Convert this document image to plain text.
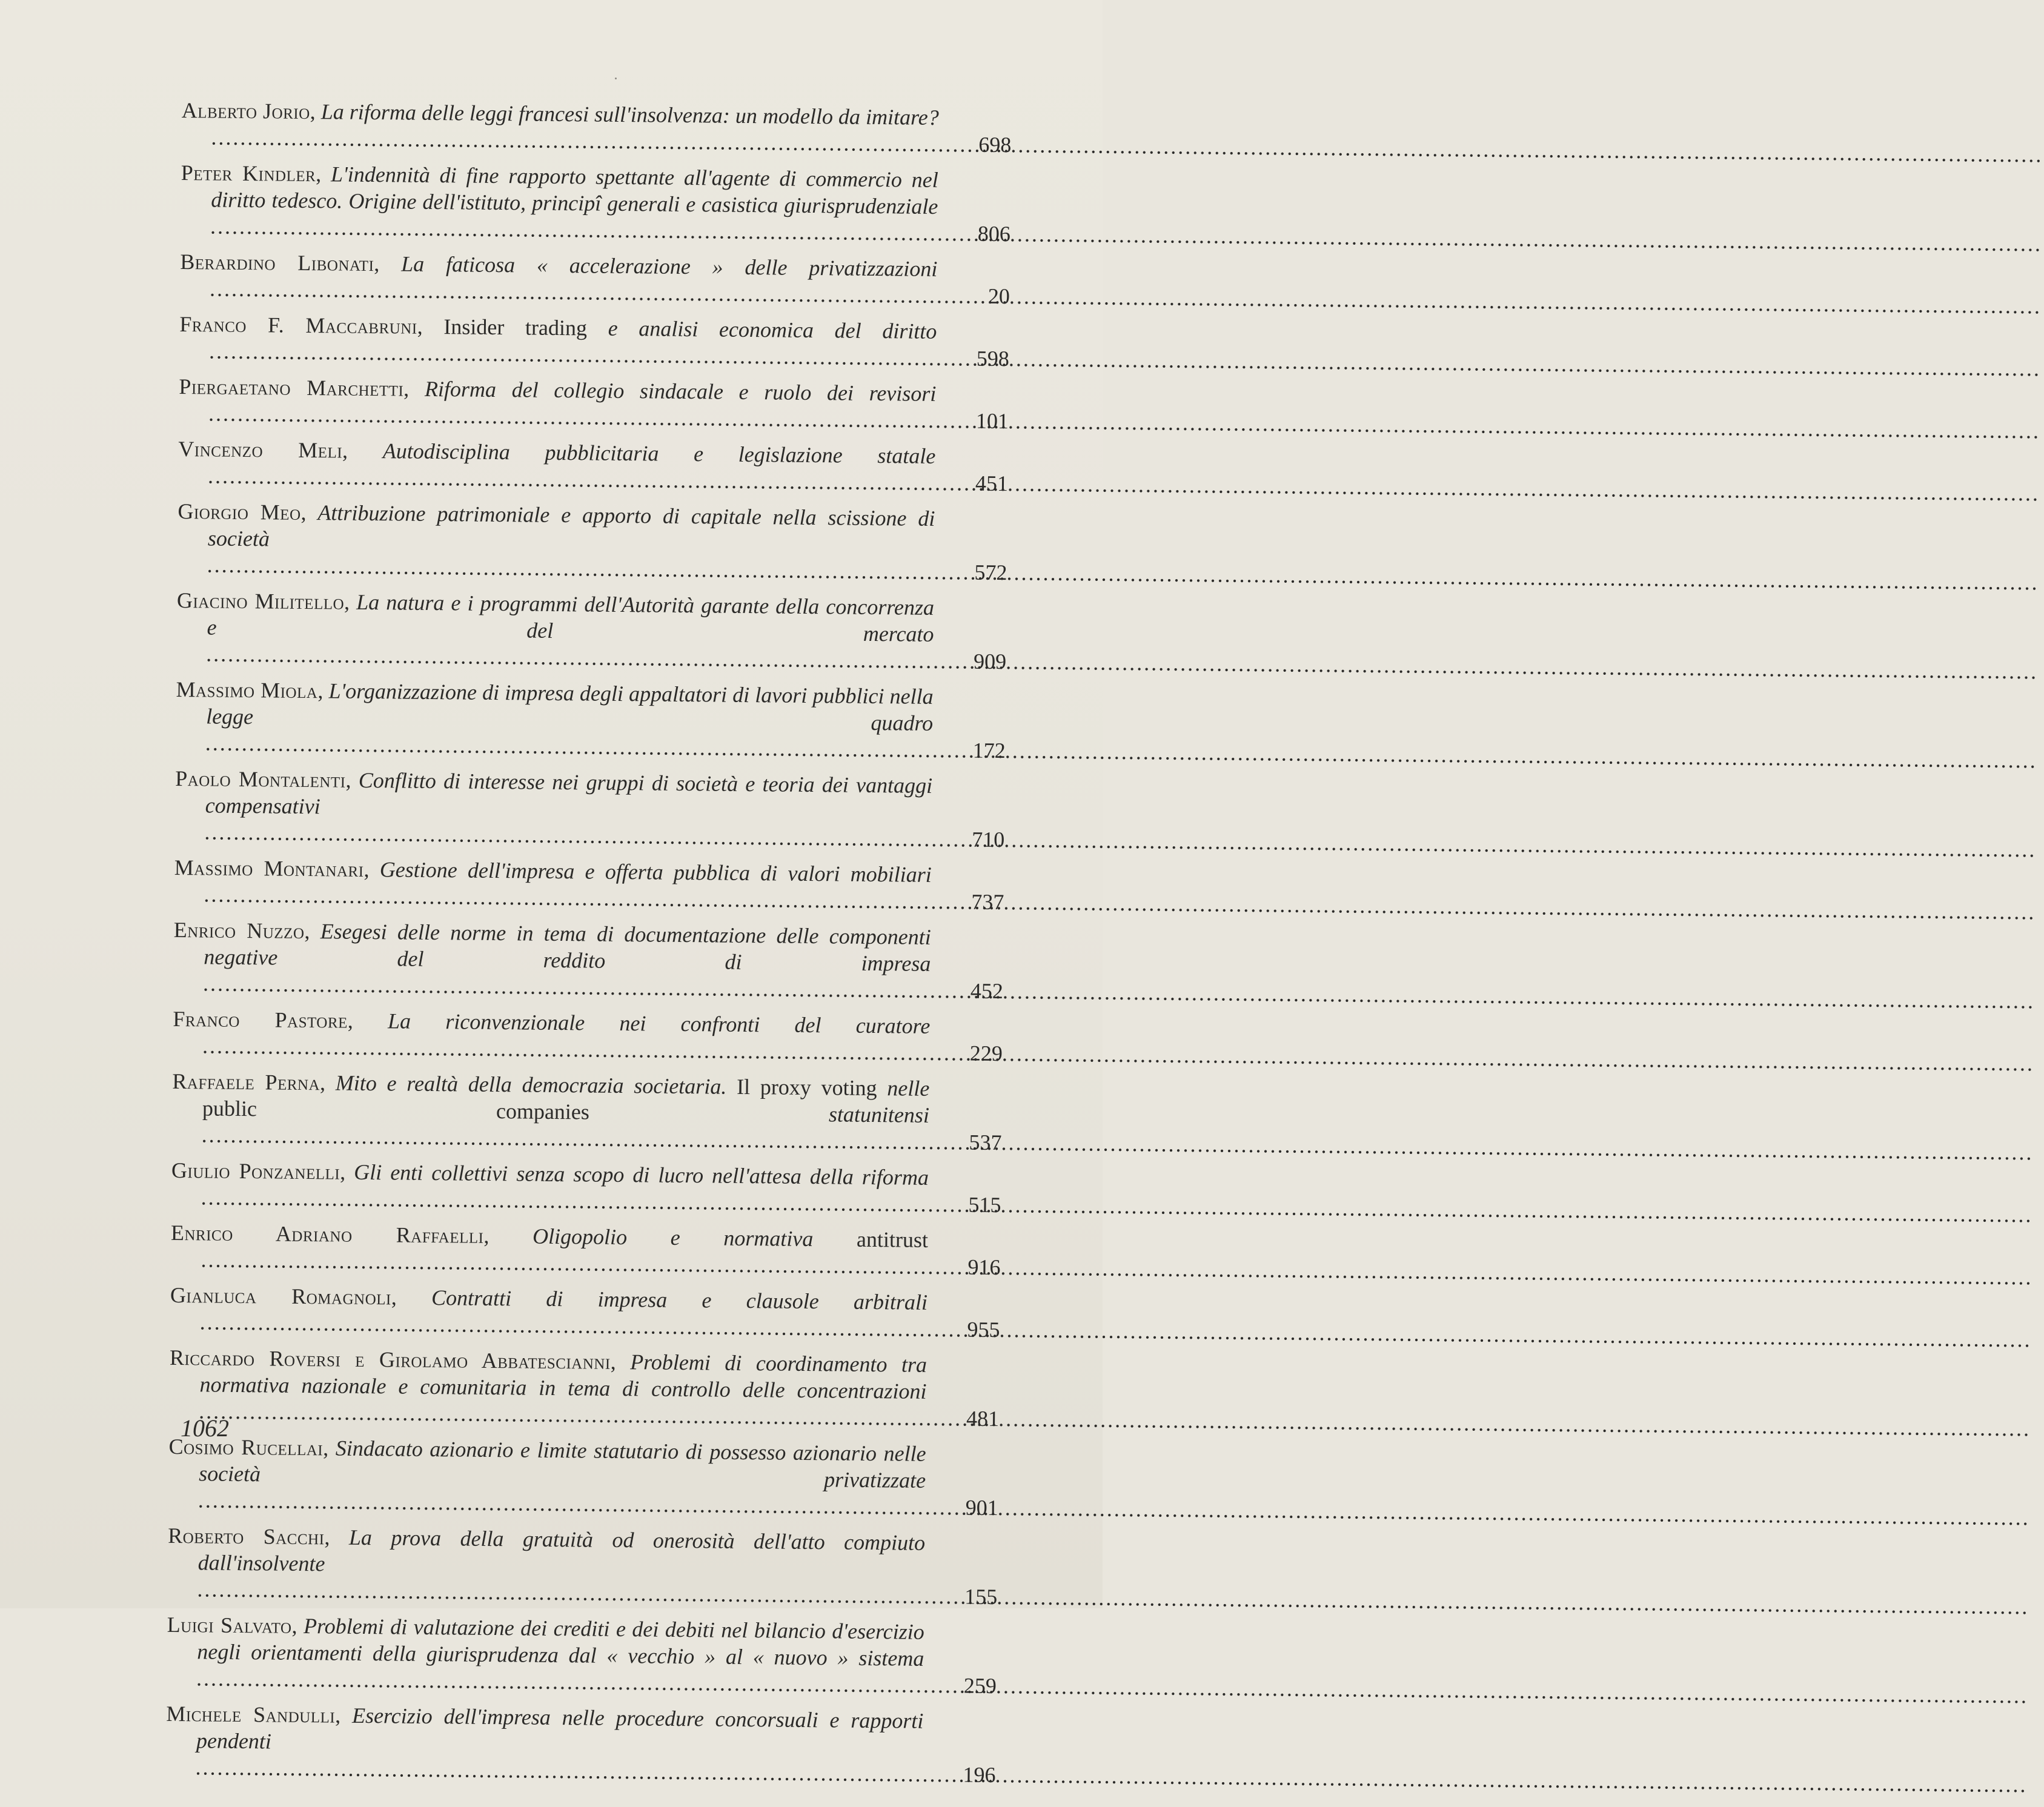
Alberto Jorio, La riforma delle leggi francesi sull'insolvenza: un modello da imitare? .....
698
Peter Kindler, L'indennità di fine rapporto spettante all'agente di commercio nel diritto tedesco. Origine dell'istituto, principî generali e casistica giurisprudenziale .....
806
Berardino Libonati, La faticosa « accelerazione » delle privatizzazioni .....
20
Franco F. Maccabruni, Insider trading e analisi economica del diritto .....
598
Piergaetano Marchetti, Riforma del collegio sindacale e ruolo dei revisori .....
101
Vincenzo Meli, Autodisciplina pubblicitaria e legislazione statale .....
451
Giorgio Meo, Attribuzione patrimoniale e apporto di capitale nella scissione di società .....
572
Giacino Militello, La natura e i programmi dell'Autorità garante della concorrenza e del mercato .....
909
Massimo Miola, L'organizzazione di impresa degli appaltatori di lavori pubblici nella legge quadro .....
172
Paolo Montalenti, Conflitto di interesse nei gruppi di società e teoria dei vantaggi compensativi .....
710
Massimo Montanari, Gestione dell'impresa e offerta pubblica di valori mobiliari .....
737
Enrico Nuzzo, Esegesi delle norme in tema di documentazione delle componenti negative del reddito di impresa .....
452
Franco Pastore, La riconvenzionale nei confronti del curatore .....
229
Raffaele Perna, Mito e realtà della democrazia societaria. Il proxy voting nelle public companies	statunitensi .....
537
Giulio Ponzanelli, Gli enti collettivi senza scopo di lucro nell'attesa della riforma .....
515
Enrico Adriano Raffaelli, Oligopolio e normativa antitrust .....
916
Gianluca Romagnoli, Contratti di impresa e clausole arbitrali .....
955
Riccardo Roversi e Girolamo Abbatescianni, Problemi di coordinamento tra normativa nazionale e comunitaria in tema di controllo delle concentrazioni .....
481
Cosimo Rucellai, Sindacato azionario e limite statutario di possesso azionario nelle società privatizzate .....
901
Roberto Sacchi, La prova della gratuità od onerosità dell'atto compiuto dall'insolvente .....
155
Luigi Salvato, Problemi di valutazione dei crediti e dei debiti nel bilancio d'esercizio negli orientamenti della giurisprudenza dal « vecchio » al « nuovo » sistema .....
259
Michele Sandulli, Esercizio dell'impresa nelle procedure concorsuali e rapporti pendenti .....
196
1062
